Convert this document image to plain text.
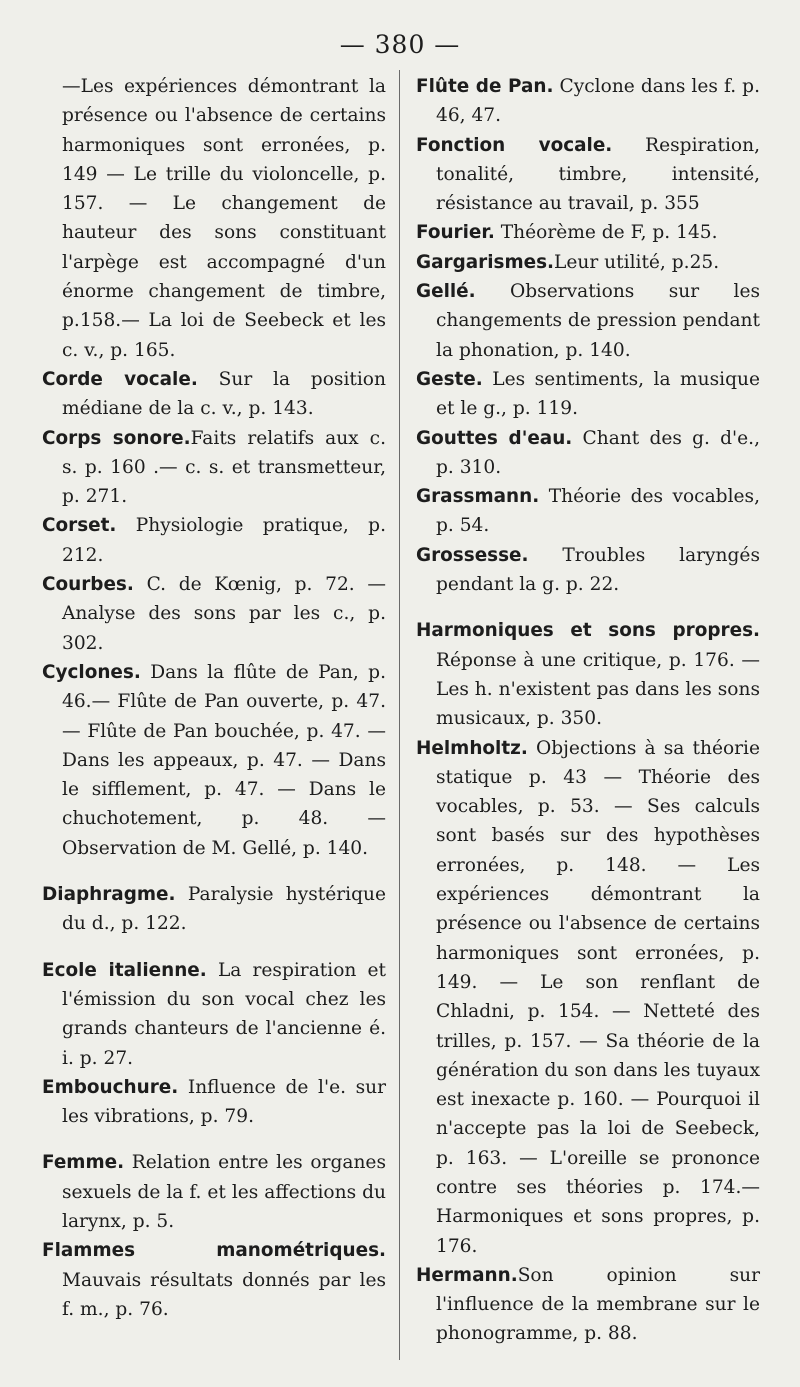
— 380 —

—Les expériences démontrant la présence ou l'absence de certains harmoniques sont erronées, p. 149 — Le trille du violoncelle, p. 157. — Le changement de hauteur des sons constituant l'arpège est accompagné d'un énorme changement de timbre, p.158.— La loi de Seebeck et les c. v., p. 165.

Corde vocale. Sur la position médiane de la c. v., p. 143.

Corps sonore.Faits relatifs aux c. s. p. 160 .— c. s. et transmetteur, p. 271.

Corset. Physiologie pratique, p. 212.

Courbes. C. de Kœnig, p. 72. — Analyse des sons par les c., p. 302.

Cyclones. Dans la flûte de Pan, p. 46.— Flûte de Pan ouverte, p. 47. — Flûte de Pan bouchée, p. 47. — Dans les appeaux, p. 47. — Dans le sifflement, p. 47. — Dans le chuchotement, p. 48. — Observation de M. Gellé, p. 140.

Diaphragme. Paralysie hystérique du d., p. 122.

Ecole italienne. La respiration et l'émission du son vocal chez les grands chanteurs de l'ancienne é. i. p. 27.

Embouchure. Influence de l'e. sur les vibrations, p. 79.

Femme. Relation entre les organes sexuels de la f. et les affections du larynx, p. 5.

Flammes manométriques. Mauvais résultats donnés par les f. m., p. 76.

Flûte de Pan. Cyclone dans les f. p. 46, 47.

Fonction vocale. Respiration, tonalité, timbre, intensité, résistance au travail, p. 355

Fourier. Théorème de F, p. 145.

Gargarismes.Leur utilité, p.25.

Gellé. Observations sur les changements de pression pendant la phonation, p. 140.

Geste. Les sentiments, la musique et le g., p. 119.

Gouttes d'eau. Chant des g. d'e., p. 310.

Grassmann. Théorie des vocables, p. 54.

Grossesse. Troubles laryngés pendant la g. p. 22.

Harmoniques et sons propres. Réponse à une critique, p. 176. — Les h. n'existent pas dans les sons musicaux, p. 350.

Helmholtz. Objections à sa théorie statique p. 43 — Théorie des vocables, p. 53. — Ses calculs sont basés sur des hypothèses erronées, p. 148. — Les expériences démontrant la présence ou l'absence de certains harmoniques sont erronées, p. 149. — Le son renflant de Chladni, p. 154. — Netteté des trilles, p. 157. — Sa théorie de la génération du son dans les tuyaux est inexacte p. 160. — Pourquoi il n'accepte pas la loi de Seebeck, p. 163. — L'oreille se prononce contre ses théories p. 174.— Harmoniques et sons propres, p. 176.

Hermann.Son opinion sur l'influence de la membrane sur le phonogramme, p. 88.
